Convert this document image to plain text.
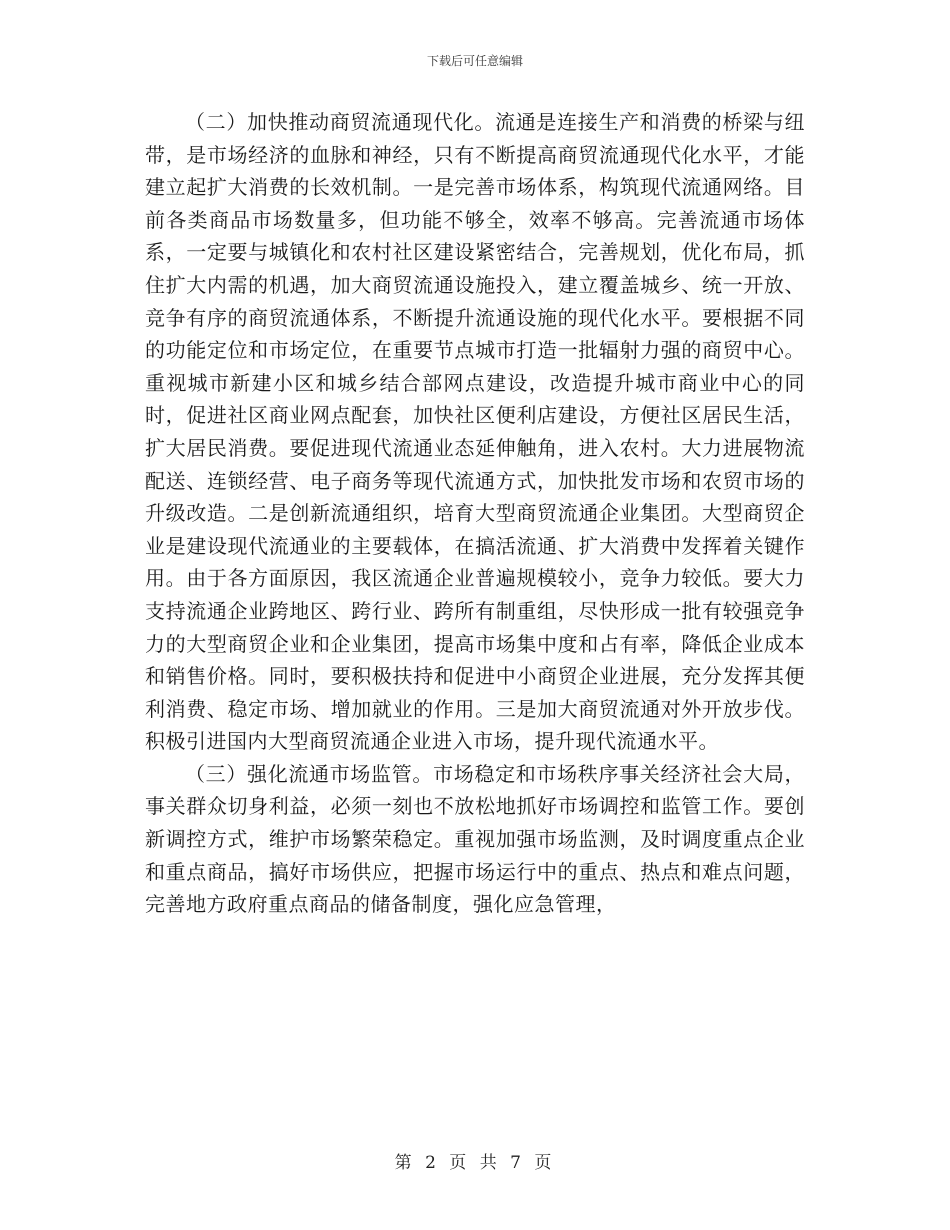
下载后可任意编辑

（二）加快推动商贸流通现代化。流通是连接生产和消费的桥梁与纽带，是市场经济的血脉和神经，只有不断提高商贸流通现代化水平，才能建立起扩大消费的长效机制。一是完善市场体系，构筑现代流通网络。目前各类商品市场数量多，但功能不够全，效率不够高。完善流通市场体系，一定要与城镇化和农村社区建设紧密结合，完善规划，优化布局，抓住扩大内需的机遇，加大商贸流通设施投入，建立覆盖城乡、统一开放、竞争有序的商贸流通体系，不断提升流通设施的现代化水平。要根据不同的功能定位和市场定位，在重要节点城市打造一批辐射力强的商贸中心。重视城市新建小区和城乡结合部网点建设，改造提升城市商业中心的同时，促进社区商业网点配套，加快社区便利店建设，方便社区居民生活，扩大居民消费。要促进现代流通业态延伸触角，进入农村。大力进展物流配送、连锁经营、电子商务等现代流通方式，加快批发市场和农贸市场的升级改造。二是创新流通组织，培育大型商贸流通企业集团。大型商贸企业是建设现代流通业的主要载体，在搞活流通、扩大消费中发挥着关键作用。由于各方面原因，我区流通企业普遍规模较小，竞争力较低。要大力支持流通企业跨地区、跨行业、跨所有制重组，尽快形成一批有较强竞争力的大型商贸企业和企业集团，提高市场集中度和占有率，降低企业成本和销售价格。同时，要积极扶持和促进中小商贸企业进展，充分发挥其便利消费、稳定市场、增加就业的作用。三是加大商贸流通对外开放步伐。积极引进国内大型商贸流通企业进入市场，提升现代流通水平。

（三）强化流通市场监管。市场稳定和市场秩序事关经济社会大局，事关群众切身利益，必须一刻也不放松地抓好市场调控和监管工作。要创新调控方式，维护市场繁荣稳定。重视加强市场监测，及时调度重点企业和重点商品，搞好市场供应，把握市场运行中的重点、热点和难点问题，完善地方政府重点商品的储备制度，强化应急管理，

第 2 页 共 7 页
